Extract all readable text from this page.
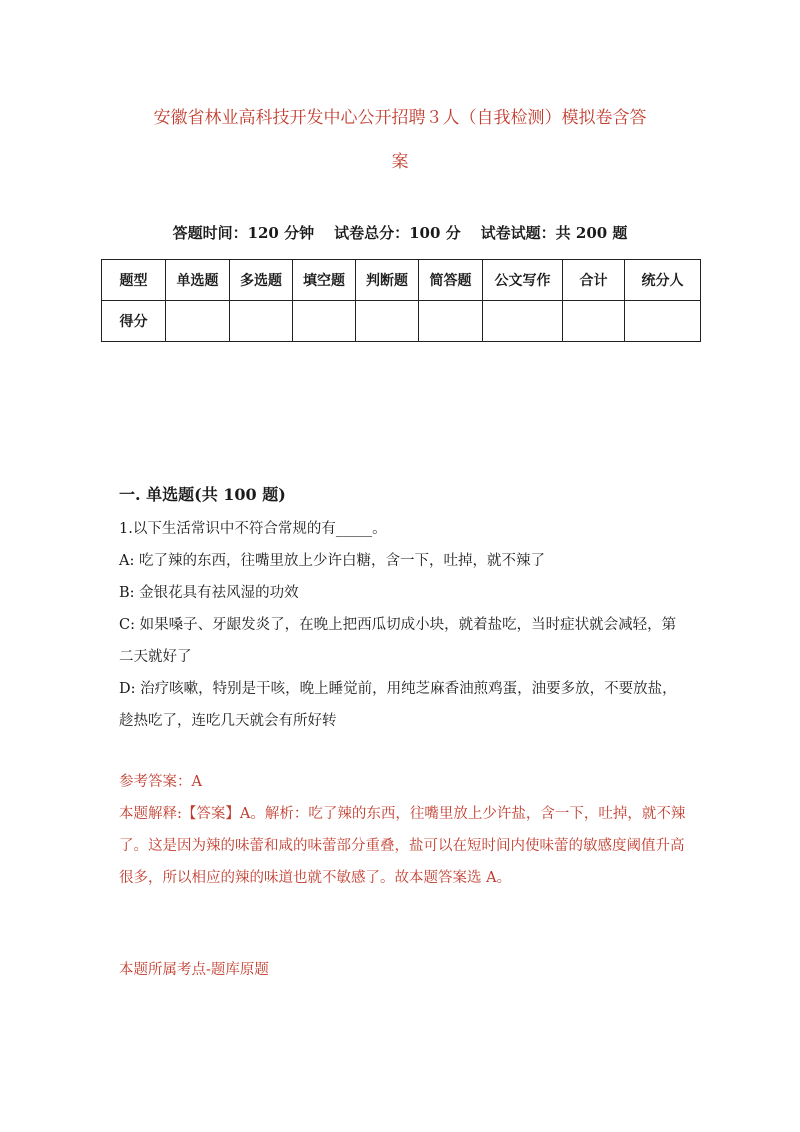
安徽省林业高科技开发中心公开招聘３人（自我检测）模拟卷含答
案
答题时间：120 分钟 试卷总分：100 分 试卷试题：共 200 题
题型	单选题	多选题	填空题	判断题	简答题	公文写作	合计	统分人
得分								
一. 单选题(共 100 题)

1.以下生活常识中不符合常规的有_____。

A: 吃了辣的东西，往嘴里放上少许白糖，含一下，吐掉，就不辣了

B: 金银花具有祛风湿的功效

C: 如果嗓子、牙龈发炎了，在晚上把西瓜切成小块，就着盐吃，当时症状就会减轻，第二天就好了

D: 治疗咳嗽，特别是干咳，晚上睡觉前，用纯芝麻香油煎鸡蛋，油要多放，不要放盐，趁热吃了，连吃几天就会有所好转

参考答案：A

本题解释:【答案】A。解析：吃了辣的东西，往嘴里放上少许盐，含一下，吐掉，就不辣了。这是因为辣的味蕾和咸的味蕾部分重叠，盐可以在短时间内使味蕾的敏感度阈值升高很多，所以相应的辣的味道也就不敏感了。故本题答案选 A。

本题所属考点-题库原题
